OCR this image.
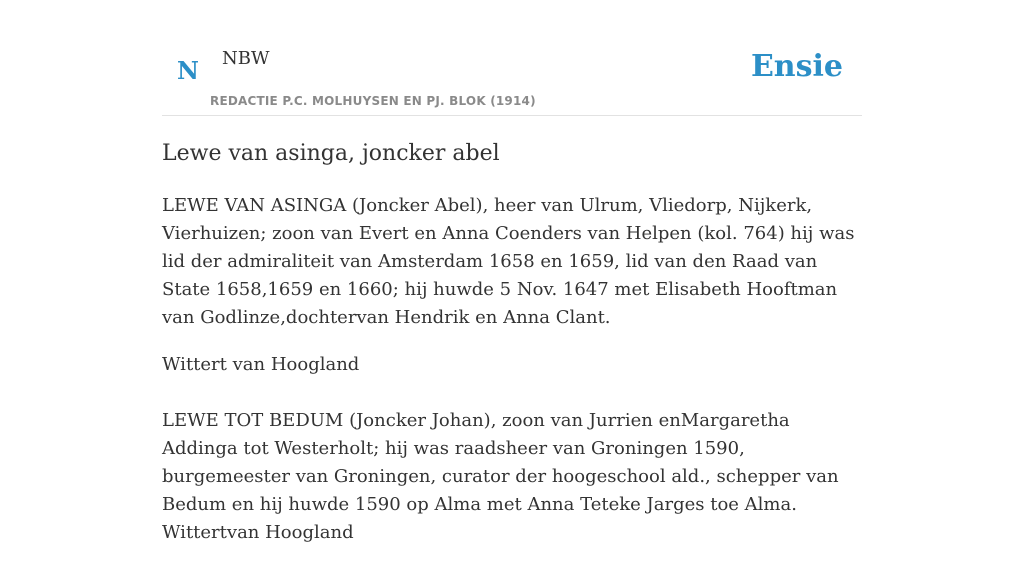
N NBW
REDACTIE P.C. MOLHUYSEN EN PJ. BLOK (1914)
Ensie
Lewe van asinga, joncker abel

LEWE VAN ASINGA (Joncker Abel), heer van Ulrum, Vliedorp, Nijkerk, Vierhuizen; zoon van Evert en Anna Coenders van Helpen (kol. 764) hij was lid der admiraliteit van Amsterdam 1658 en 1659, lid van den Raad van State 1658,1659 en 1660; hij huwde 5 Nov. 1647 met Elisabeth Hooftman van Godlinze,dochtervan Hendrik en Anna Clant.

Wittert van Hoogland

LEWE TOT BEDUM (Joncker Johan), zoon van Jurrien enMargaretha Addinga tot Westerholt; hij was raadsheer van Groningen 1590, burgemeester van Groningen, curator der hoogeschool ald., schepper van Bedum en hij huwde 1590 op Alma met Anna Teteke Jarges toe Alma. Wittertvan Hoogland
